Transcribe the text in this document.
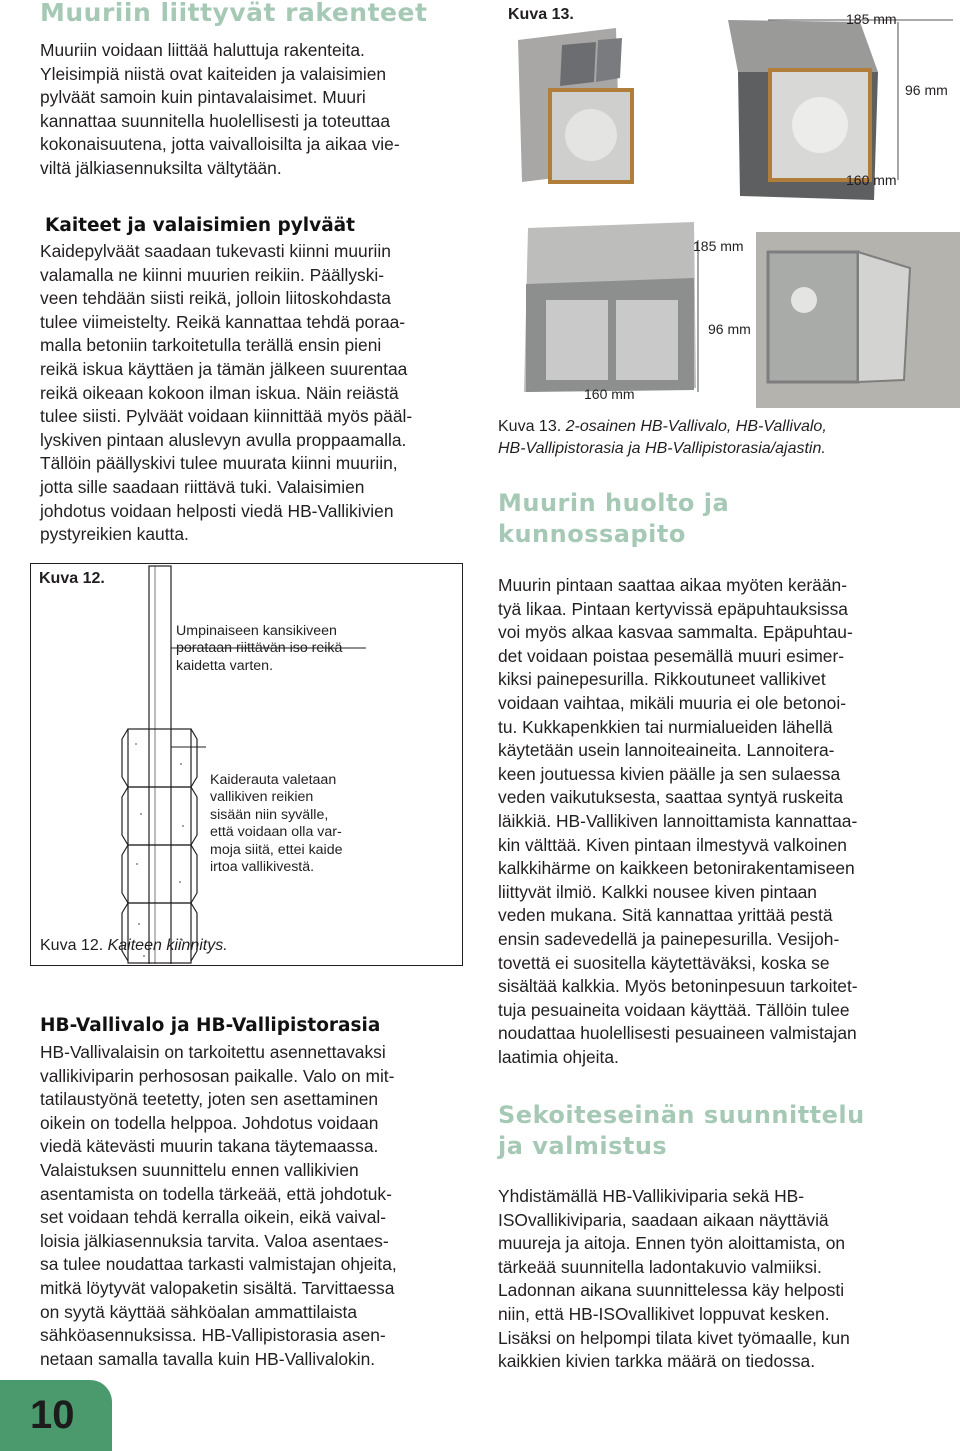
Muuriin liittyvät rakenteet
Muuriin voidaan liittää haluttuja rakenteita.
Yleisimpiä niistä ovat kaiteiden ja valaisimien
pylväät samoin kuin pintavalaisimet. Muuri
kannattaa suunnitella huolellisesti ja toteuttaa
kokonaisuutena, jotta vaivalloisilta ja aikaa vie-
viltä jälkiasennuksilta vältytään.
Kaiteet ja valaisimien pylväät
Kaidepylväät saadaan tukevasti kiinni muuriin
valamalla ne kiinni muurien reikiin. Päällyski-
veen tehdään siisti reikä, jolloin liitoskohdasta
tulee viimeistelty. Reikä kannattaa tehdä poraa-
malla betoniin tarkoitetulla terällä ensin pieni
reikä iskua käyttäen ja tämän jälkeen suurentaa
reikä oikeaan kokoon ilman iskua. Näin reiästä
tulee siisti. Pylväät voidaan kiinnittää myös pääl-
lyskiven pintaan aluslevyn avulla proppaamalla.
Tällöin päällyskivi tulee muurata kiinni muuriin,
jotta sille saadaan riittävä tuki. Valaisimien
johdotus voidaan helposti viedä HB-Vallikivien
pystyreikien kautta.
Kuva 12.
Umpinaiseen kansikiveen
porataan riittävän iso reikä
kaidetta varten.
Kaiderauta valetaan
vallikiven reikien
sisään niin syvälle,
että voidaan olla var-
moja siitä, ettei kaide
irtoa vallikivestä.
Kuva 12. Kaiteen kiinnitys.
HB-Vallivalo ja HB-Vallipistorasia
HB-Vallivalaisin on tarkoitettu asennettavaksi
vallikiviparin perhososan paikalle. Valo on mit-
tatilaustyönä teetetty, joten sen asettaminen
oikein on todella helppoa. Johdotus voidaan
viedä kätevästi muurin takana täytemaassa.
Valaistuksen suunnittelu ennen vallikivien
asentamista on todella tärkeää, että johdotuk-
set voidaan tehdä kerralla oikein, eikä vaival-
loisia jälkiasennuksia tarvita. Valoa asentaes-
sa tulee noudattaa tarkasti valmistajan ohjeita,
mitkä löytyvät valopaketin sisältä. Tarvittaessa
on syytä käyttää sähköalan ammattilaista
sähköasennuksissa. HB-Vallipistorasia asen-
netaan samalla tavalla kuin HB-Vallivalokin.
Kuva 13.	185 mm
96 mm
160 mm
185 mm
96 mm
160 mm
Kuva 13. 2-osainen HB-Vallivalo, HB-Vallivalo,
HB-Vallipistorasia ja HB-Vallipistorasia/ajastin.
Muurin huolto ja
kunnossapito
Muurin pintaan saattaa aikaa myöten kerään-
tyä likaa. Pintaan kertyvissä epäpuhtauksissa
voi myös alkaa kasvaa sammalta. Epäpuhtau-
det voidaan poistaa pesemällä muuri esimer-
kiksi painepesurilla. Rikkoutuneet vallikivet
voidaan vaihtaa, mikäli muuria ei ole betonoi-
tu. Kukkapenkkien tai nurmialueiden lähellä
käytetään usein lannoiteaineita. Lannoitera-
keen joutuessa kivien päälle ja sen sulaessa
veden vaikutuksesta, saattaa syntyä ruskeita
läikkiä. HB-Vallikiven lannoittamista kannattaa-
kin välttää. Kiven pintaan ilmestyvä valkoinen
kalkkihärme on kaikkeen betonirakentamiseen
liittyvät ilmiö. Kalkki nousee kiven pintaan
veden mukana. Sitä kannattaa yrittää pestä
ensin sadevedellä ja painepesurilla. Vesijoh-
tovettä ei suositella käytettäväksi, koska se
sisältää kalkkia. Myös betoninpesuun tarkoitet-
tuja pesuaineita voidaan käyttää. Tällöin tulee
noudattaa huolellisesti pesuaineen valmistajan
laatimia ohjeita.
Sekoiteseinän suunnittelu
ja valmistus
Yhdistämällä HB-Vallikiviparia sekä HB-
ISOvallikiviparia, saadaan aikaan näyttäviä
muureja ja aitoja. Ennen työn aloittamista, on
tärkeää suunnitella ladontakuvio valmiiksi.
Ladonnan aikana suunnittelessa käy helposti
niin, että HB-ISOvallikivet loppuvat kesken.
Lisäksi on helpompi tilata kivet työmaalle, kun
kaikkien kivien tarkka määrä on tiedossa.
10
